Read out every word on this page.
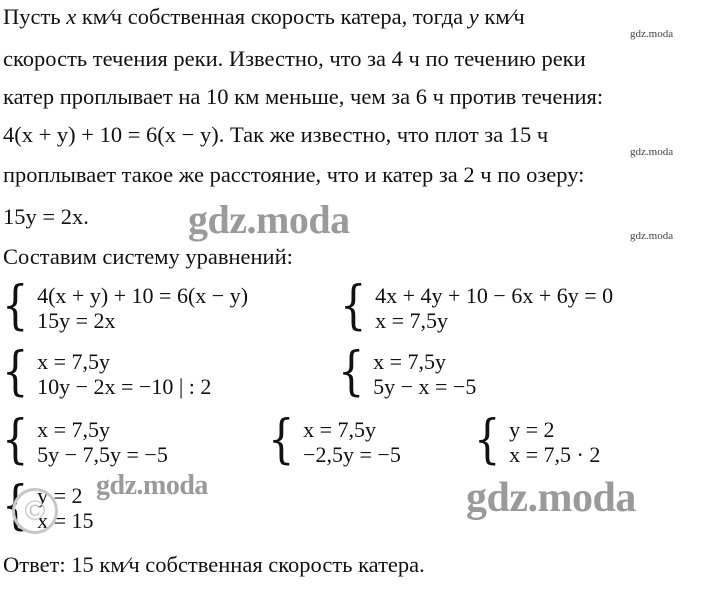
Пусть x км⁄ч собственная скорость катера, тогда y км⁄ч
скорость течения реки. Известно, что за 4 ч по течению реки
катер проплывает на 10 км меньше, чем за 6 ч против течения:
4(x + y) + 10 = 6(x − y). Так же известно, что плот за 15 ч
проплывает такое же расстояние, что и катер за 2 ч по озеру:
15y = 2x.
Составим систему уравнений:
{ 4(x + y) + 10 = 6(x − y)
15y = 2x	{ 4x + 4y + 10 − 6x + 6y = 0
x = 7,5y
{ x = 7,5y
10y − 2x = −10 | : 2 { x = 7,5y
5y − x = −5
{ x = 7,5y
5y − 7,5y = −5 { x = 7,5y
−2,5y = −5 { y = 2
x = 7,5 · 2
{ y = 2
x = 15
Ответ: 15 км⁄ч собственная скорость катера.
gdz.moda
gdz.moda
gdz.moda
gdz.moda
gdz.moda	gdz.moda
©
